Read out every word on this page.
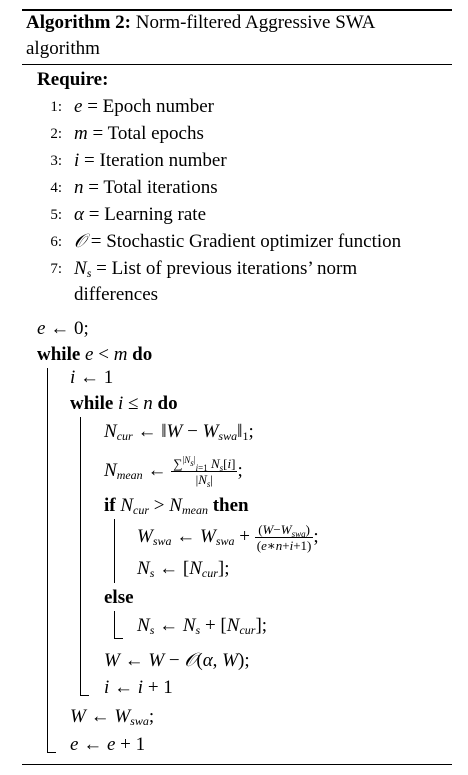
Algorithm 2: Norm-filtered Aggressive SWA
algorithm
Require:
1: e = Epoch number
2: m = Total epochs
3: i = Iteration number
4: n = Total iterations
5: α = Learning rate
6: 𝒪 = Stochastic Gradient optimizer function
7: $N_s$ = List of previous iterations’ norm
differences
e ← 0;
while e < m do
i ← 1
while i ≤ n do
$N_{cur}$ ← ‖W − $W_{swa}‖_1$;
$N_{mean}$ ← $\frac{\sum^{|N_s|}_{i=1} N_s[i]}{|N_s|}$ ;
if $N_{cur} > N_{mean}$ then
$W_{swa}$ ← $W_{swa} + \frac{(W-W_{swa})}{(e∗n+i+1)}$ ;
$N_s$ ← $[N_{cur}]$;
else
$N_s$ ← $N_s + [N_{cur}]$;
W ← W − 𝒪(α, W);
i ← i + 1
W ← $W_{swa}$;
e ← e + 1
